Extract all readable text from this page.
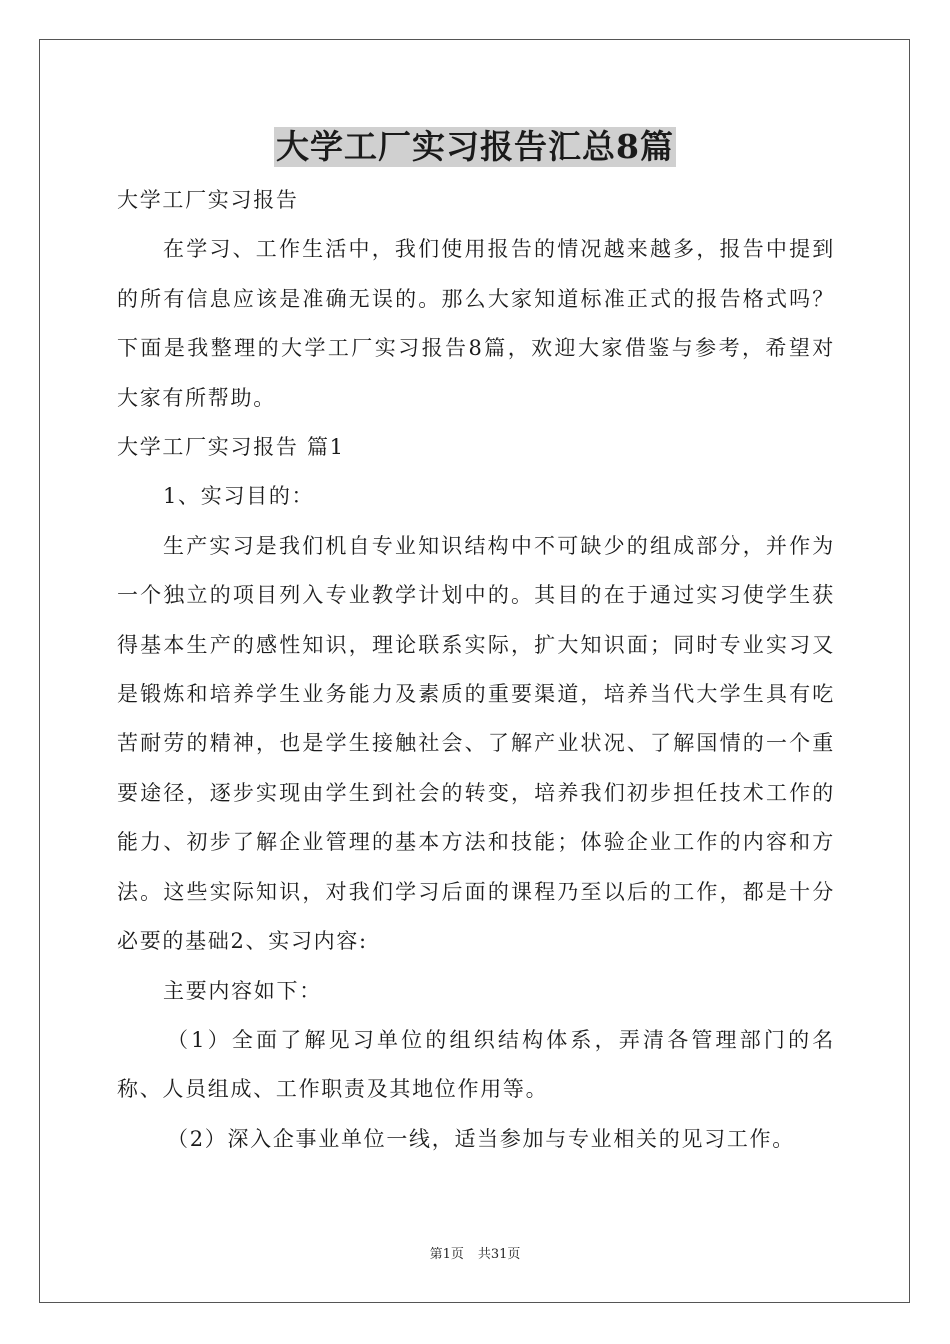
大学工厂实习报告汇总8篇

大学工厂实习报告

在学习、工作生活中，我们使用报告的情况越来越多，报告中提到的所有信息应该是准确无误的。那么大家知道标准正式的报告格式吗？下面是我整理的大学工厂实习报告8篇，欢迎大家借鉴与参考，希望对大家有所帮助。

大学工厂实习报告 篇1

1、实习目的：

生产实习是我们机自专业知识结构中不可缺少的组成部分，并作为一个独立的项目列入专业教学计划中的。其目的在于通过实习使学生获得基本生产的感性知识，理论联系实际，扩大知识面；同时专业实习又是锻炼和培养学生业务能力及素质的重要渠道，培养当代大学生具有吃苦耐劳的精神，也是学生接触社会、了解产业状况、了解国情的一个重要途径，逐步实现由学生到社会的转变，培养我们初步担任技术工作的能力、初步了解企业管理的基本方法和技能；体验企业工作的内容和方法。这些实际知识，对我们学习后面的课程乃至以后的工作，都是十分必要的基础2、实习内容:

主要内容如下：

（1）全面了解见习单位的组织结构体系，弄清各管理部门的名称、人员组成、工作职责及其地位作用等。

（2）深入企事业单位一线，适当参加与专业相关的见习工作。

第1页 共31页
